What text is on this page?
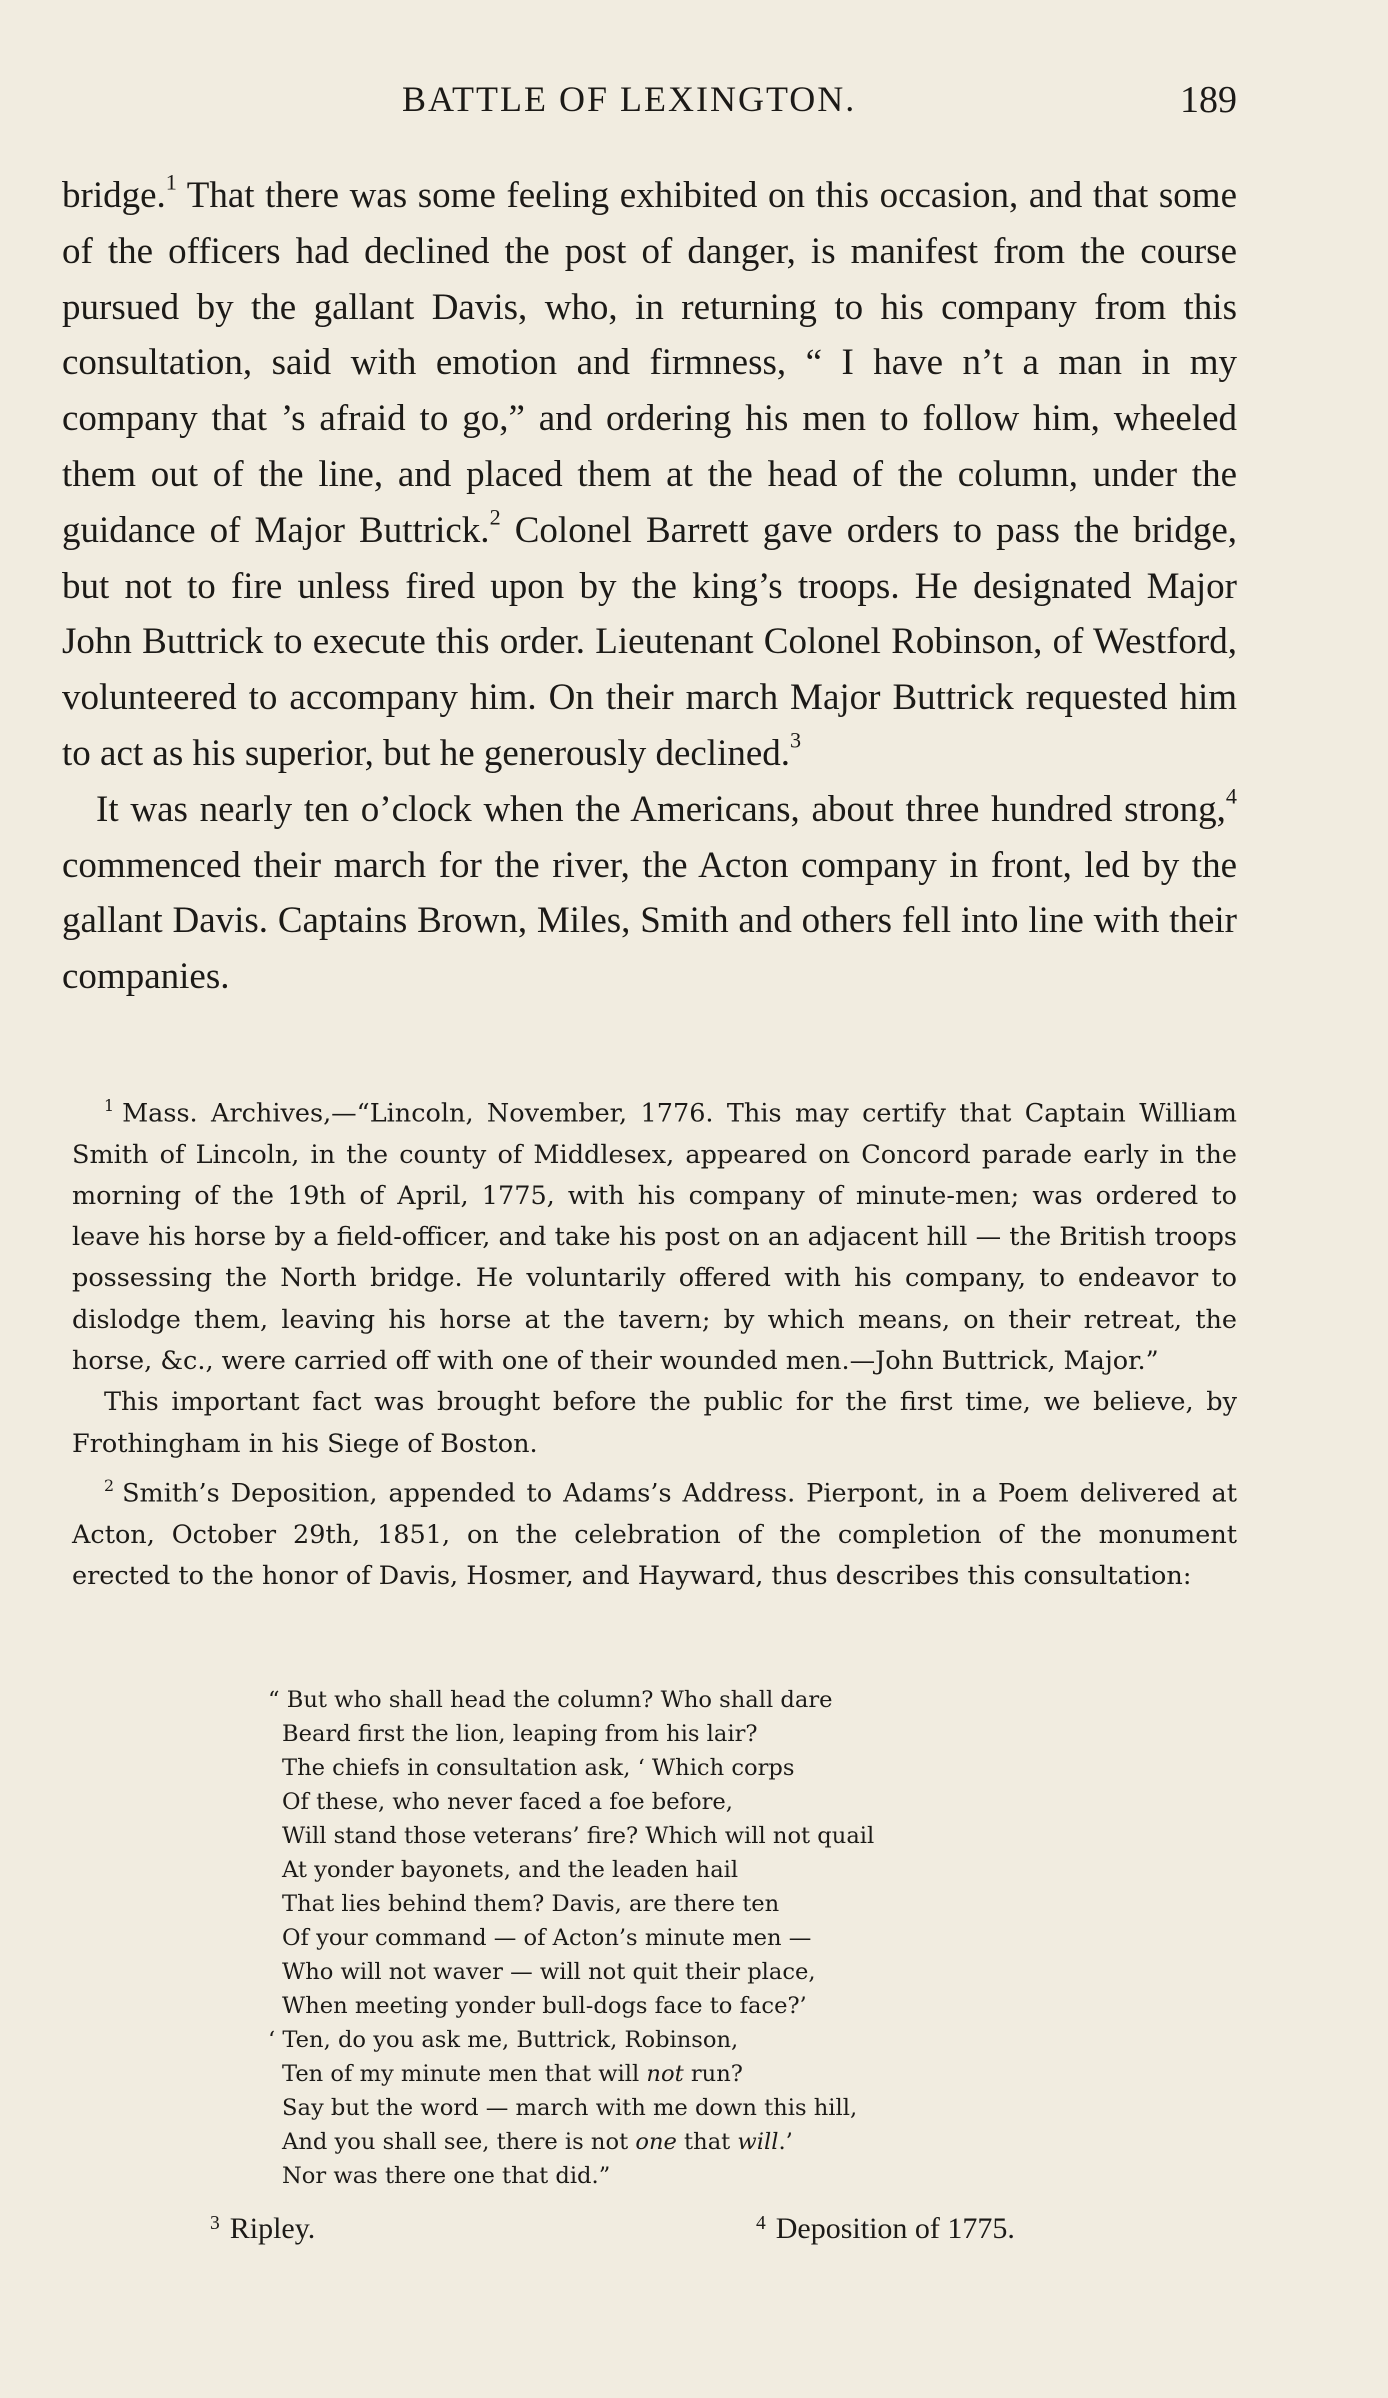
BATTLE OF LEXINGTON.	189

bridge.$^1$ That there was some feeling exhibited on this occasion, and that some of the officers had declined the post of danger, is manifest from the course pursued by the gallant Davis, who, in returning to his company from this consultation, said with emotion and firmness, “ I have n’t a man in my company that ’s afraid to go,” and ordering his men to follow him, wheeled them out of the line, and placed them at the head of the column, under the guidance of Major Buttrick.$^2$ Colonel Barrett gave orders to pass the bridge, but not to fire unless fired upon by the king’s troops. He designated Major John Buttrick to execute this order. Lieutenant Colonel Robinson, of Westford, volunteered to accompany him. On their march Major Buttrick requested him to act as his superior, but he generously declined.$^3$

It was nearly ten o’clock when the Americans, about three hundred strong,$^4$ commenced their march for the river, the Acton company in front, led by the gallant Davis. Captains Brown, Miles, Smith and others fell into line with their companies.

$^1$ Mass. Archives,—“Lincoln, November, 1776. This may certify that Captain William Smith of Lincoln, in the county of Middlesex, appeared on Concord parade early in the morning of the 19th of April, 1775, with his company of minute-men; was ordered to leave his horse by a field-officer, and take his post on an adjacent hill — the British troops possessing the North bridge. He voluntarily offered with his company, to endeavor to dislodge them, leaving his horse at the tavern; by which means, on their retreat, the horse, &c., were carried off with one of their wounded men.—John Buttrick, Major.”

This important fact was brought before the public for the first time, we believe, by Frothingham in his Siege of Boston.

$^2$ Smith’s Deposition, appended to Adams’s Address. Pierpont, in a Poem delivered at Acton, October 29th, 1851, on the celebration of the completion of the monument erected to the honor of Davis, Hosmer, and Hayward, thus describes this consultation:

“ But who shall head the column? Who shall dare
Beard first the lion, leaping from his lair?
The chiefs in consultation ask, ‘ Which corps
Of these, who never faced a foe before,
Will stand those veterans’ fire? Which will not quail
At yonder bayonets, and the leaden hail
That lies behind them? Davis, are there ten
Of your command — of Acton’s minute men —
Who will not waver — will not quit their place,
When meeting yonder bull-dogs face to face?’
‘ Ten, do you ask me, Buttrick, Robinson,
Ten of my minute men that will not run?
Say but the word — march with me down this hill,
And you shall see, there is not one that will.’
Nor was there one that did.”
$^3$ Ripley.	$^4$ Deposition of 1775.
